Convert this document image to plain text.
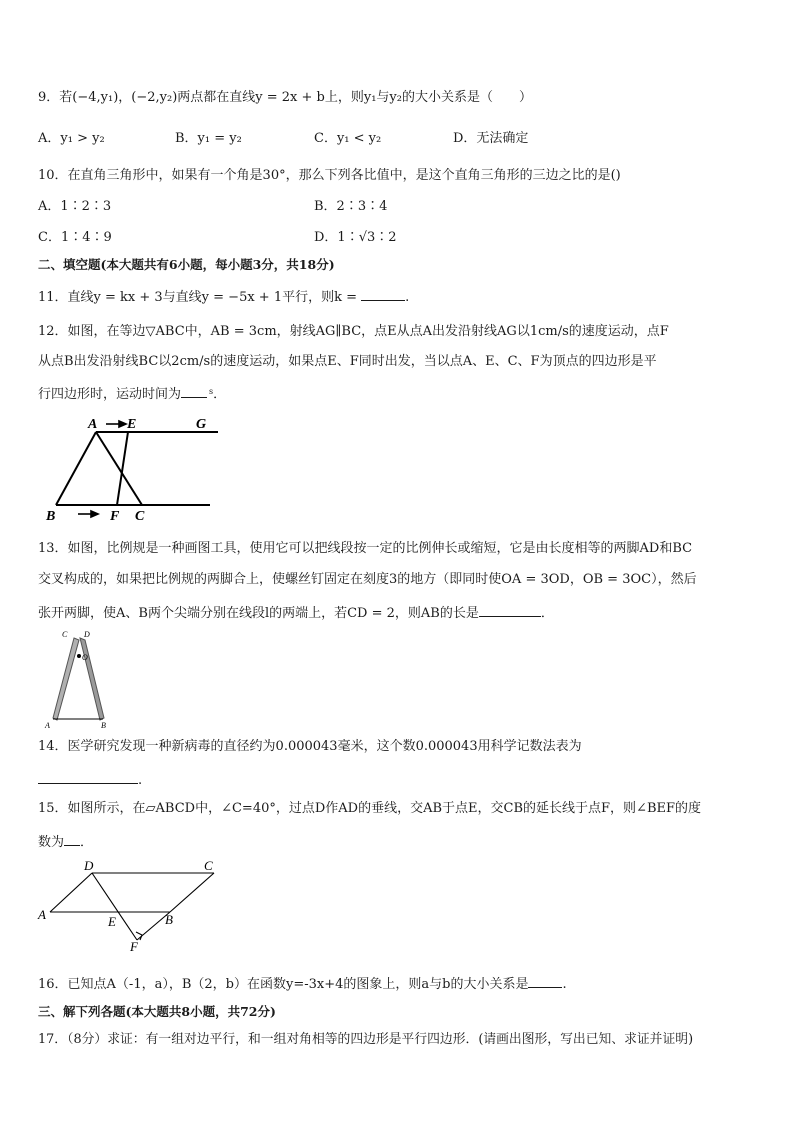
9．若(−4,y₁)，(−2,y₂)两点都在直线y = 2x + b上，则y₁与y₂的大小关系是（　　）
A．y₁ > y₂	B．y₁ = y₂	C．y₁ < y₂	D．无法确定
10．在直角三角形中，如果有一个角是30°，那么下列各比值中，是这个直角三角形的三边之比的是()
A．1∶2∶3	B．2∶3∶4
C．1∶4∶9	D．1∶√3∶2
二、填空题(本大题共有6小题，每小题3分，共18分)
11．直线y = kx + 3与直线y = −5x + 1平行，则k =	.
12．如图，在等边▽ABC中，AB = 3cm，射线AG∥BC，点E从点A出发沿射线AG以1cm/s的速度运动，点F
从点B出发沿射线BC以2cm/s的速度运动，如果点E、F同时出发，当以点A、E、C、F为顶点的四边形是平
行四边形时，运动时间为	$^s$．
A E	G
B	F C
13．如图，比例规是一种画图工具，使用它可以把线段按一定的比例伸长或缩短，它是由长度相等的两脚AD和BC
交叉构成的，如果把比例规的两脚合上，使螺丝钉固定在刻度3的地方（即同时使OA = 3OD，OB = 3OC），然后
张开两脚，使A、B两个尖端分别在线段l的两端上，若CD = 2，则AB的长是	．
C D
O
A	B
14．医学研究发现一种新病毒的直径约为0.000043毫米，这个数0.000043用科学记数法表为
.
15．如图所示，在▱ABCD中，∠C=40°，过点D作AD的垂线，交AB于点E，交CB的延长线于点F，则∠BEF的度
数为 ．
D	C
A	E	B
F
16．已知点A（-1，a），B（2，b）在函数y=-3x+4的图象上，则a与b的大小关系是	.
三、解下列各题(本大题共8小题，共72分)
17．（8分）求证：有一组对边平行，和一组对角相等的四边形是平行四边形．(请画出图形，写出已知、求证并证明)
